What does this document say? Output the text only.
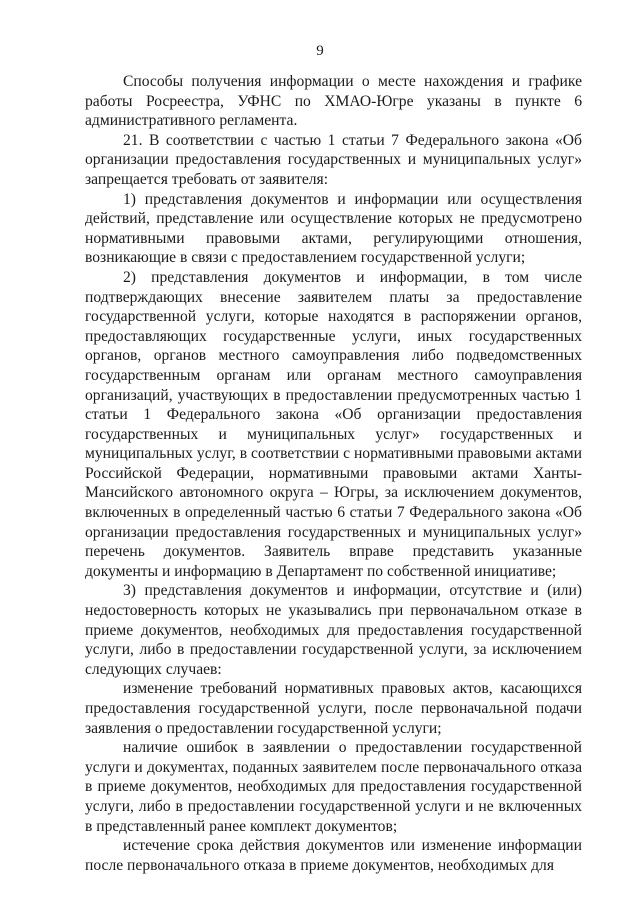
9

Способы получения информации о месте нахождения и графике работы Росреестра, УФНС по ХМАО-Югре указаны в пункте 6 административного регламента.

21. В соответствии с частью 1 статьи 7 Федерального закона «Об организации предоставления государственных и муниципальных услуг» запрещается требовать от заявителя:

1) представления документов и информации или осуществления действий, представление или осуществление которых не предусмотрено нормативными правовыми актами, регулирующими отношения, возникающие в связи с предоставлением государственной услуги;

2) представления документов и информации, в том числе подтверждающих внесение заявителем платы за предоставление государственной услуги, которые находятся в распоряжении органов, предоставляющих государственные услуги, иных государственных органов, органов местного самоуправления либо подведомственных государственным органам или органам местного самоуправления организаций, участвующих в предоставлении предусмотренных частью 1 статьи 1 Федерального закона «Об организации предоставления государственных и муниципальных услуг» государственных и муниципальных услуг, в соответствии с нормативными правовыми актами Российской Федерации, нормативными правовыми актами Ханты-Мансийского автономного округа – Югры, за исключением документов, включенных в определенный частью 6 статьи 7 Федерального закона «Об организации предоставления государственных и муниципальных услуг» перечень документов. Заявитель вправе представить указанные документы и информацию в Департамент по собственной инициативе;

3) представления документов и информации, отсутствие и (или) недостоверность которых не указывались при первоначальном отказе в приеме документов, необходимых для предоставления государственной услуги, либо в предоставлении государственной услуги, за исключением следующих случаев:

изменение требований нормативных правовых актов, касающихся предоставления государственной услуги, после первоначальной подачи заявления о предоставлении государственной услуги;

наличие ошибок в заявлении о предоставлении государственной услуги и документах, поданных заявителем после первоначального отказа в приеме документов, необходимых для предоставления государственной услуги, либо в предоставлении государственной услуги и не включенных в представленный ранее комплект документов;

истечение срока действия документов или изменение информации после первоначального отказа в приеме документов, необходимых для
